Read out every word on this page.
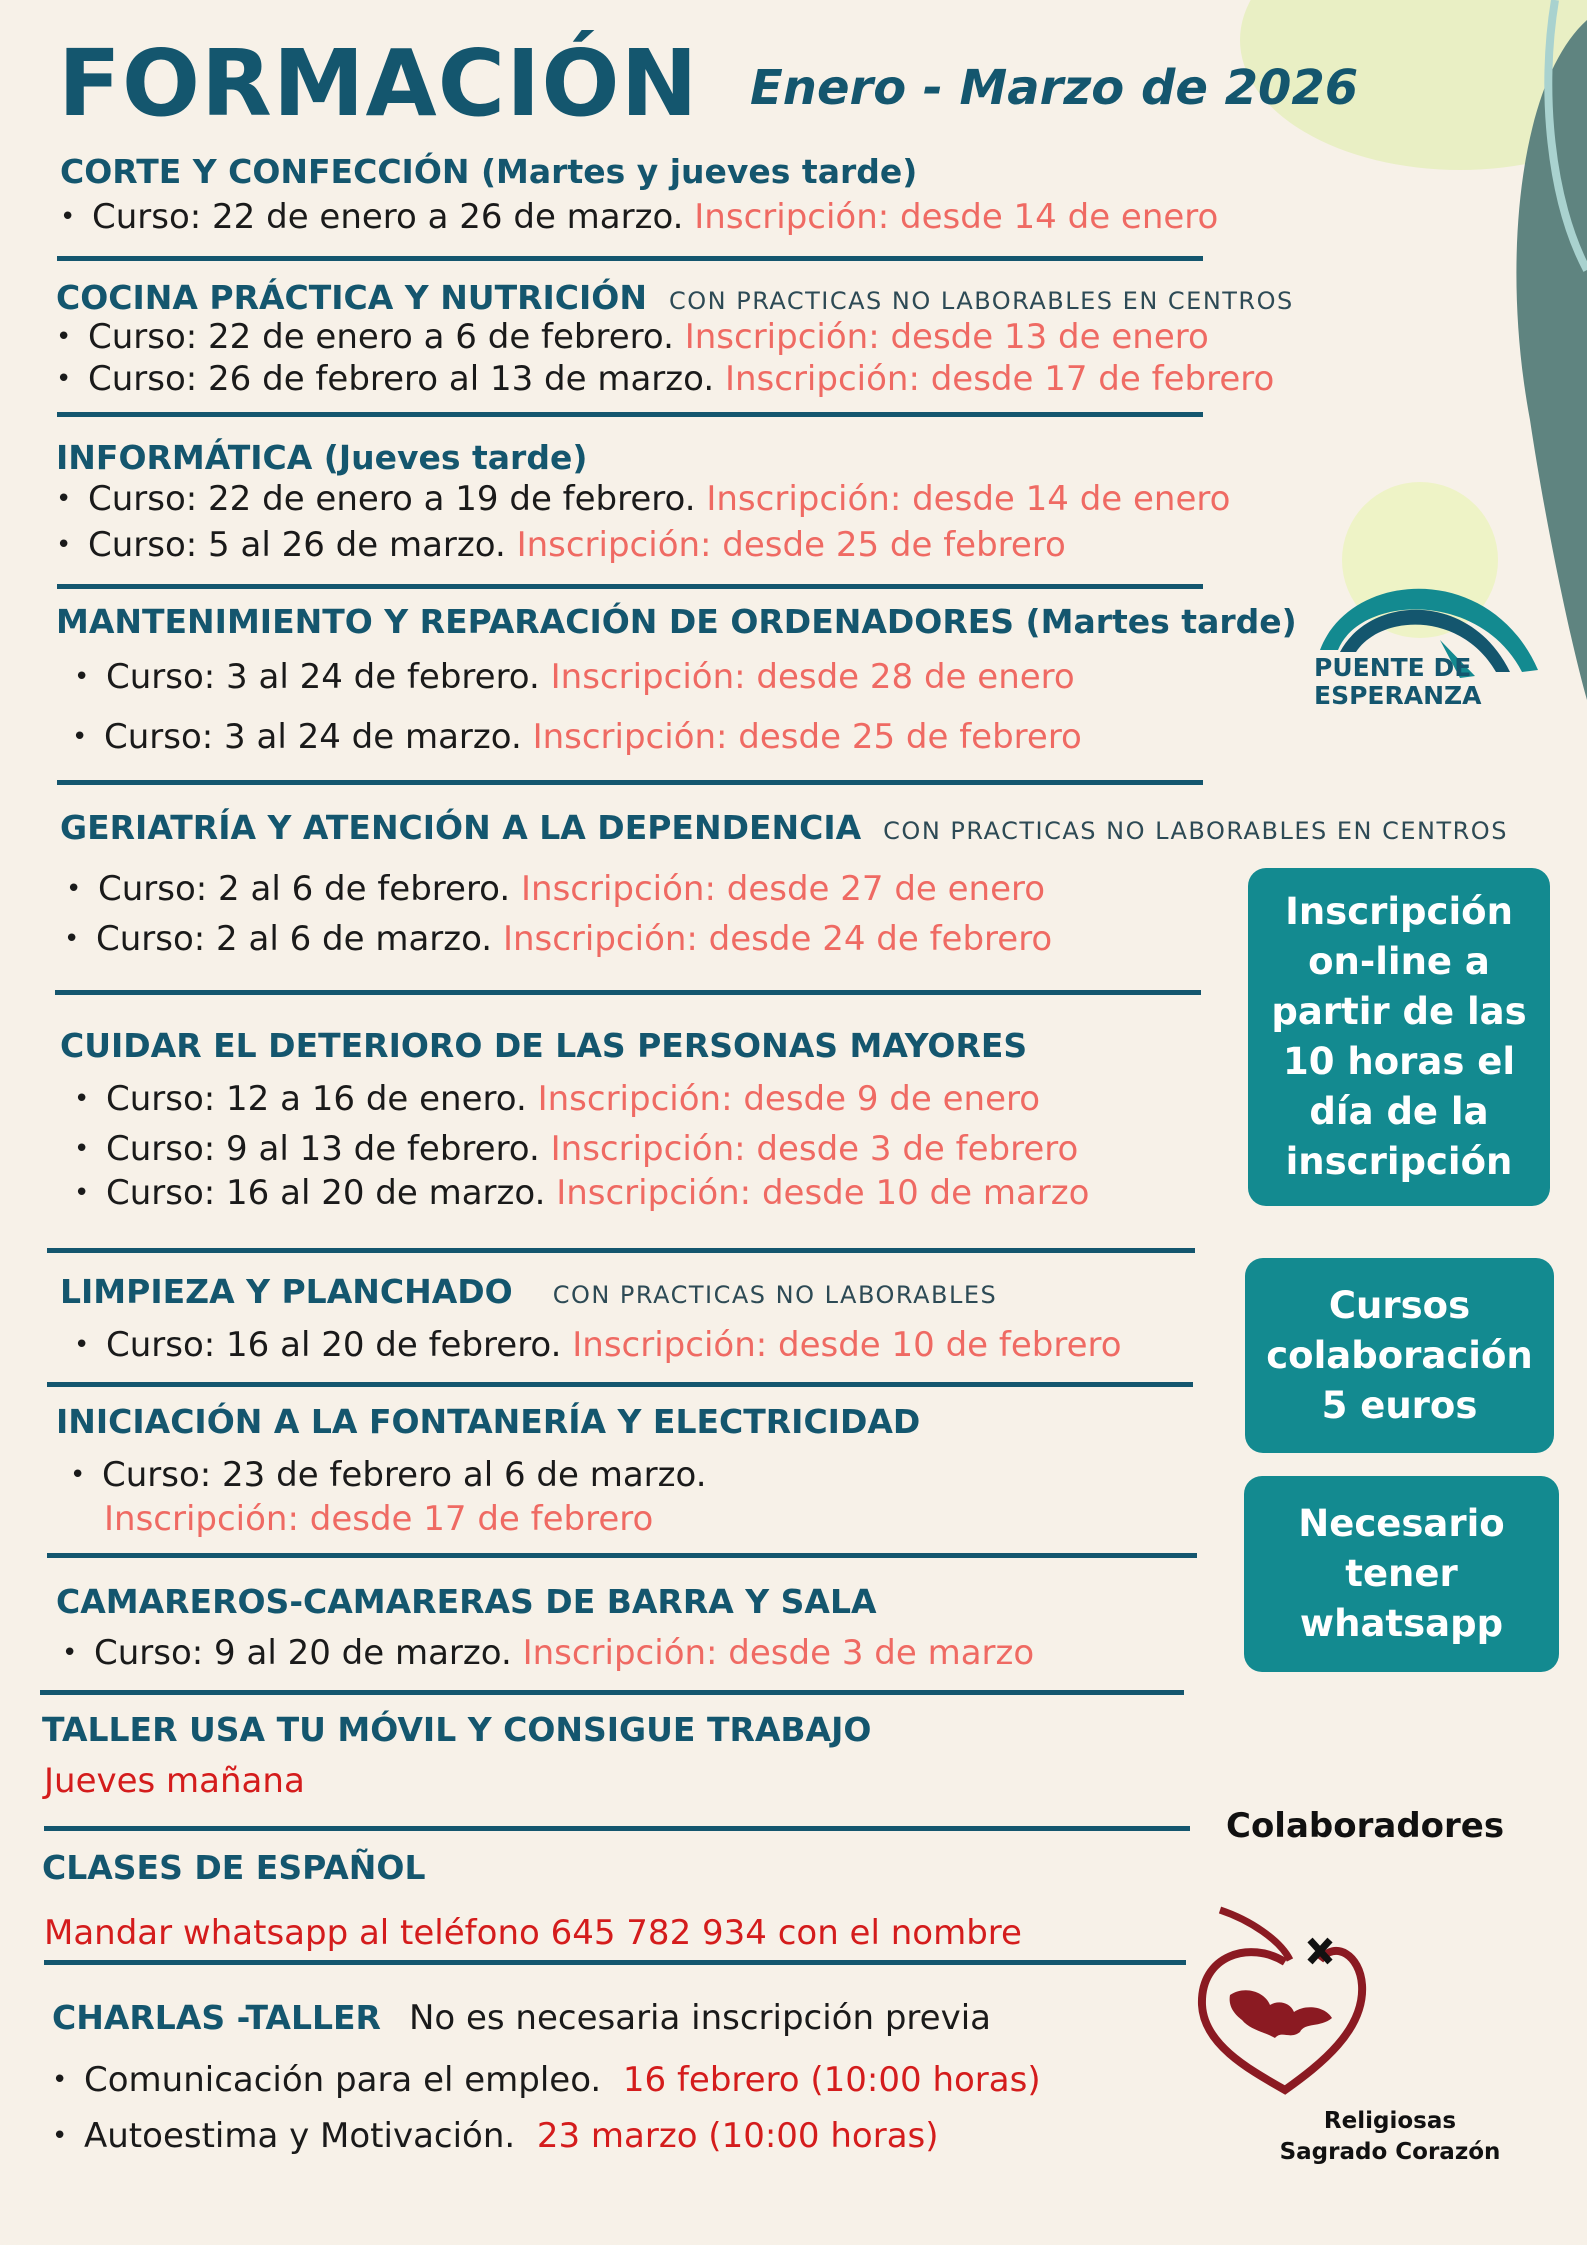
FORMACIÓN Enero - Marzo de 2026
CORTE Y CONFECCIÓN (Martes y jueves tarde)
• Curso: 22 de enero a 26 de marzo. Inscripción: desde 14 de enero
COCINA PRÁCTICA Y NUTRICIÓN CON PRACTICAS NO LABORABLES EN CENTROS
• Curso: 22 de enero a 6 de febrero. Inscripción: desde 13 de enero
• Curso: 26 de febrero al 13 de marzo. Inscripción: desde 17 de febrero
INFORMÁTICA (Jueves tarde)
• Curso: 22 de enero a 19 de febrero. Inscripción: desde 14 de enero
• Curso: 5 al 26 de marzo. Inscripción: desde 25 de febrero
MANTENIMIENTO Y REPARACIÓN DE ORDENADORES (Martes tarde)
• Curso: 3 al 24 de febrero. Inscripción: desde 28 de enero
• Curso: 3 al 24 de marzo. Inscripción: desde 25 de febrero
PUENTE DE
ESPERANZA
GERIATRÍA Y ATENCIÓN A LA DEPENDENCIA CON PRACTICAS NO LABORABLES EN CENTROS
• Curso: 2 al 6 de febrero. Inscripción: desde 27 de enero
• Curso: 2 al 6 de marzo. Inscripción: desde 24 de febrero
CUIDAR EL DETERIORO DE LAS PERSONAS MAYORES
• Curso: 12 a 16 de enero. Inscripción: desde 9 de enero
• Curso: 9 al 13 de febrero. Inscripción: desde 3 de febrero
• Curso: 16 al 20 de marzo. Inscripción: desde 10 de marzo
LIMPIEZA Y PLANCHADO CON PRACTICAS NO LABORABLES
• Curso: 16 al 20 de febrero. Inscripción: desde 10 de febrero
INICIACIÓN A LA FONTANERÍA Y ELECTRICIDAD
• Curso: 23 de febrero al 6 de marzo.
Inscripción: desde 17 de febrero
CAMAREROS-CAMARERAS DE BARRA Y SALA
• Curso: 9 al 20 de marzo. Inscripción: desde 3 de marzo
TALLER USA TU MÓVIL Y CONSIGUE TRABAJO
Jueves mañana
CLASES DE ESPAÑOL
Mandar whatsapp al teléfono 645 782 934 con el nombre
CHARLAS -TALLER No es necesaria inscripción previa
• Comunicación para el empleo. 16 febrero (10:00 horas)
• Autoestima y Motivación. 23 marzo (10:00 horas)
Inscripción
on-line a
partir de las
10 horas el
día de la
inscripción
Cursos
colaboración
5 euros
Necesario
tener
whatsapp
Colaboradores
Religiosas
Sagrado Corazón
